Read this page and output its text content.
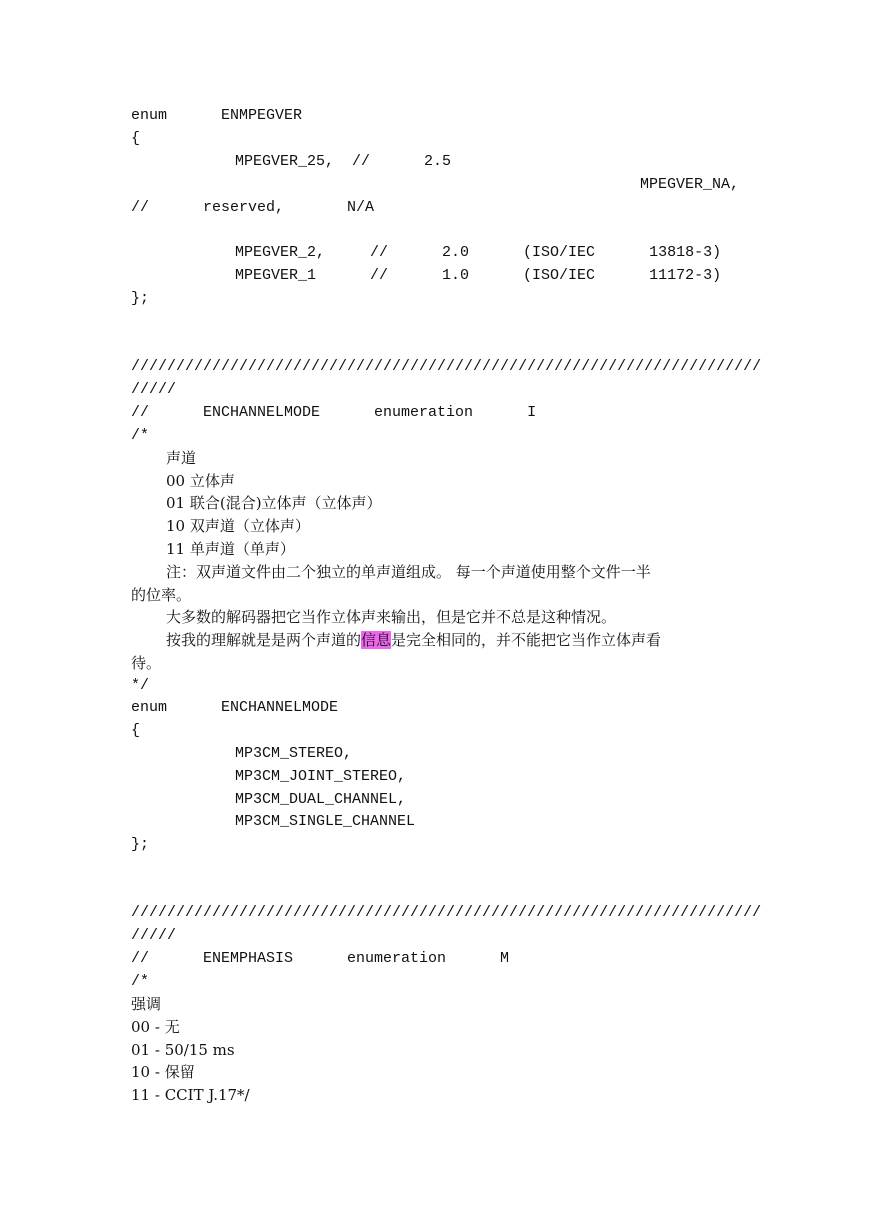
enum      ENMPEGVER
{
MPEGVER_25,  //      2.5
MPEGVER_NA,
//      reserved,       N/A
MPEGVER_2,     //      2.0      (ISO/IEC      13818-3)
MPEGVER_1      //      1.0      (ISO/IEC      11172-3)
};
//////////////////////////////////////////////////////////////////////
/////
//      ENCHANNELMODE      enumeration      I
/*
声道
00 立体声
01 联合(混合)立体声（立体声）
10 双声道（立体声）
11 单声道（单声）
注：双声道文件由二个独立的单声道组成。 每一个声道使用整个文件一半
的位率。
大多数的解码器把它当作立体声来输出，但是它并不总是这种情况。
按我的理解就是是两个声道的信息是完全相同的，并不能把它当作立体声看
待。
*/
enum      ENCHANNELMODE
{
MP3CM_STEREO,
MP3CM_JOINT_STEREO,
MP3CM_DUAL_CHANNEL,
MP3CM_SINGLE_CHANNEL
};
//////////////////////////////////////////////////////////////////////
/////
//      ENEMPHASIS      enumeration      M
/*
强调
00 - 无
01 - 50/15 ms
10 - 保留
11 - CCIT J.17*/
